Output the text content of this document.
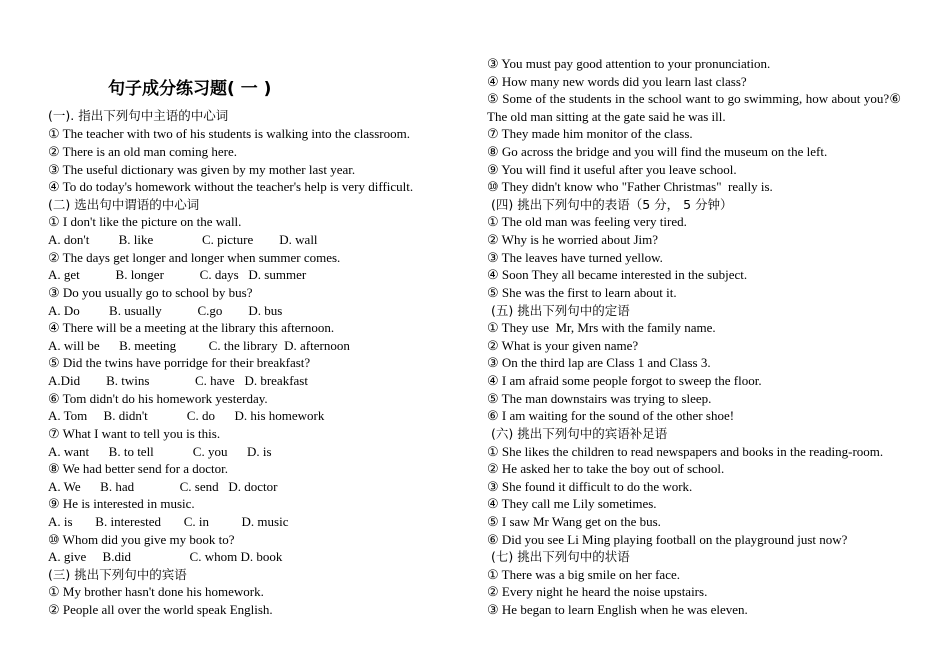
句子成分练习题( 一 )
(一). 指出下列句中主语的中心词
① The teacher with two of his students is walking into the classroom.
② There is an old man coming here.
③ The useful dictionary was given by my mother last year.
④ To do today's homework without the teacher's help is very difficult.
(二) 选出句中谓语的中心词
① I don't like the picture on the wall.
A. don't         B. like               C. picture        D. wall
② The days get longer and longer when summer comes.
A. get           B. longer           C. days   D. summer
③ Do you usually go to school by bus?
A. Do         B. usually           C.go        D. bus
④ There will be a meeting at the library this afternoon.
A. will be      B. meeting          C. the library  D. afternoon
⑤ Did the twins have porridge for their breakfast?
A.Did        B. twins              C. have   D. breakfast
⑥ Tom didn't do his homework yesterday.
A. Tom     B. didn't            C. do      D. his homework
⑦ What I want to tell you is this.
A. want      B. to tell            C. you      D. is
⑧ We had better send for a doctor.
A. We      B. had              C. send   D. doctor
⑨ He is interested in music.
A. is       B. interested       C. in          D. music
⑩ Whom did you give my book to?
A. give     B.did                  C. whom D. book
(三) 挑出下列句中的宾语
① My brother hasn't done his homework.
② People all over the world speak English.
③ You must pay good attention to your pronunciation.
④ How many new words did you learn last class?
⑤ Some of the students in the school want to go swimming, how about you?⑥ The old man sitting at the gate said he was ill.
⑦ They made him monitor of the class.
⑧ Go across the bridge and you will find the museum on the left.
⑨ You will find it useful after you leave school.
⑩ They didn't know who "Father Christmas"  really is.
(四) 挑出下列句中的表语（5 分， 5 分钟）
① The old man was feeling very tired.
② Why is he worried about Jim?
③ The leaves have turned yellow.
④ Soon They all became interested in the subject.
⑤ She was the first to learn about it.
(五) 挑出下列句中的定语
① They use  Mr, Mrs with the family name.
② What is your given name?
③ On the third lap are Class 1 and Class 3.
④ I am afraid some people forgot to sweep the floor.
⑤ The man downstairs was trying to sleep.
⑥ I am waiting for the sound of the other shoe!
(六) 挑出下列句中的宾语补足语
① She likes the children to read newspapers and books in the reading-room.
② He asked her to take the boy out of school.
③ She found it difficult to do the work.
④ They call me Lily sometimes.
⑤ I saw Mr Wang get on the bus.
⑥ Did you see Li Ming playing football on the playground just now?
(七) 挑出下列句中的状语
① There was a big smile on her face.
② Every night he heard the noise upstairs.
③ He began to learn English when he was eleven.
